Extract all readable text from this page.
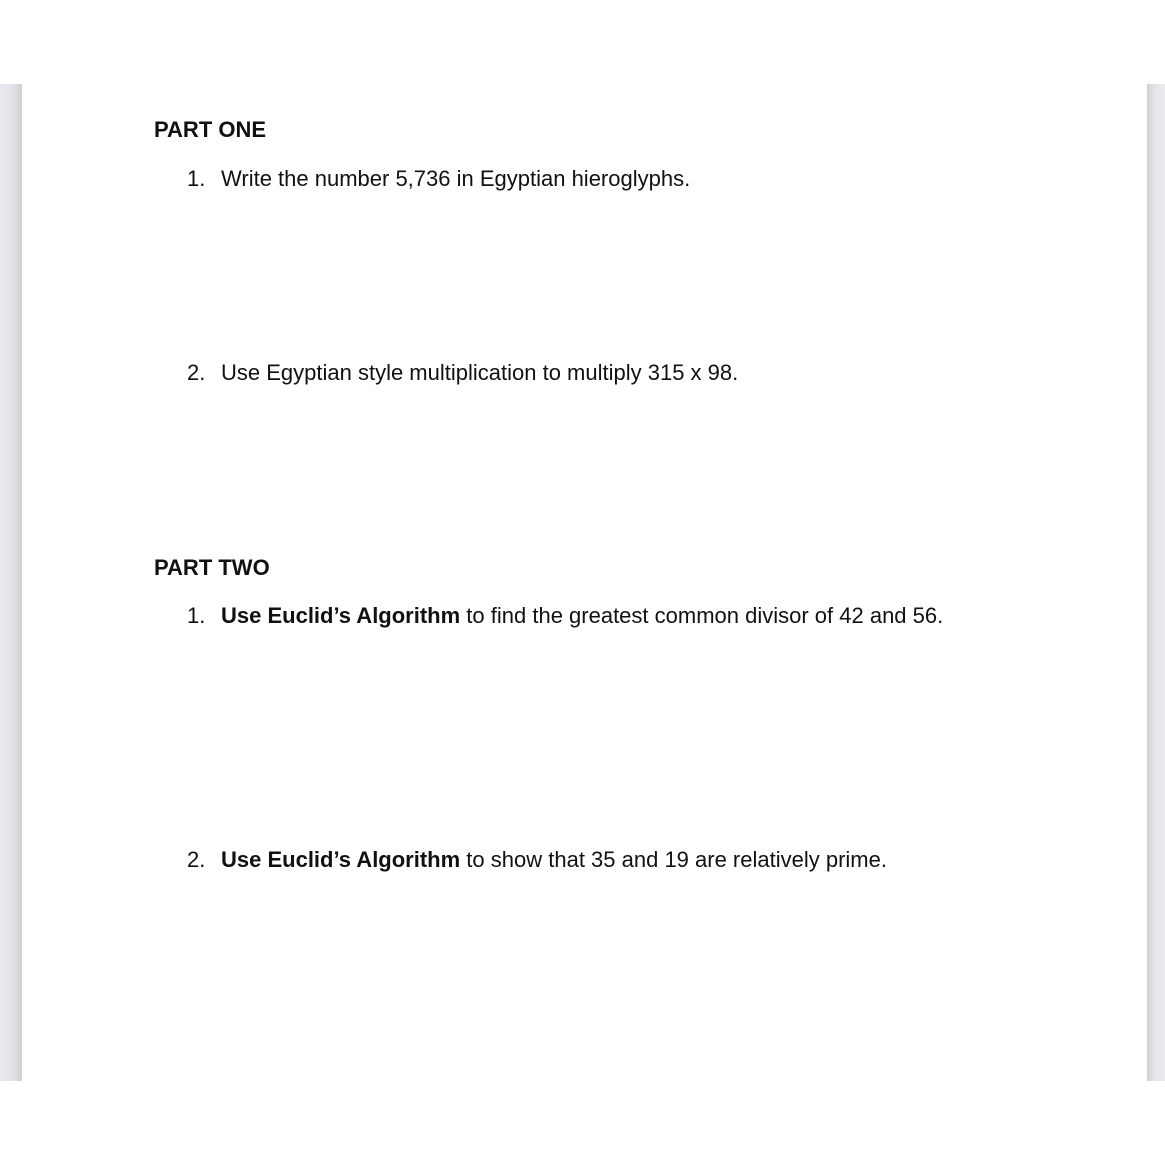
PART ONE
1. Write the number 5,736 in Egyptian hieroglyphs.
2. Use Egyptian style multiplication to multiply 315 x 98.
PART TWO
1. Use Euclid’s Algorithm to find the greatest common divisor of 42 and 56.
2. Use Euclid’s Algorithm to show that 35 and 19 are relatively prime.
